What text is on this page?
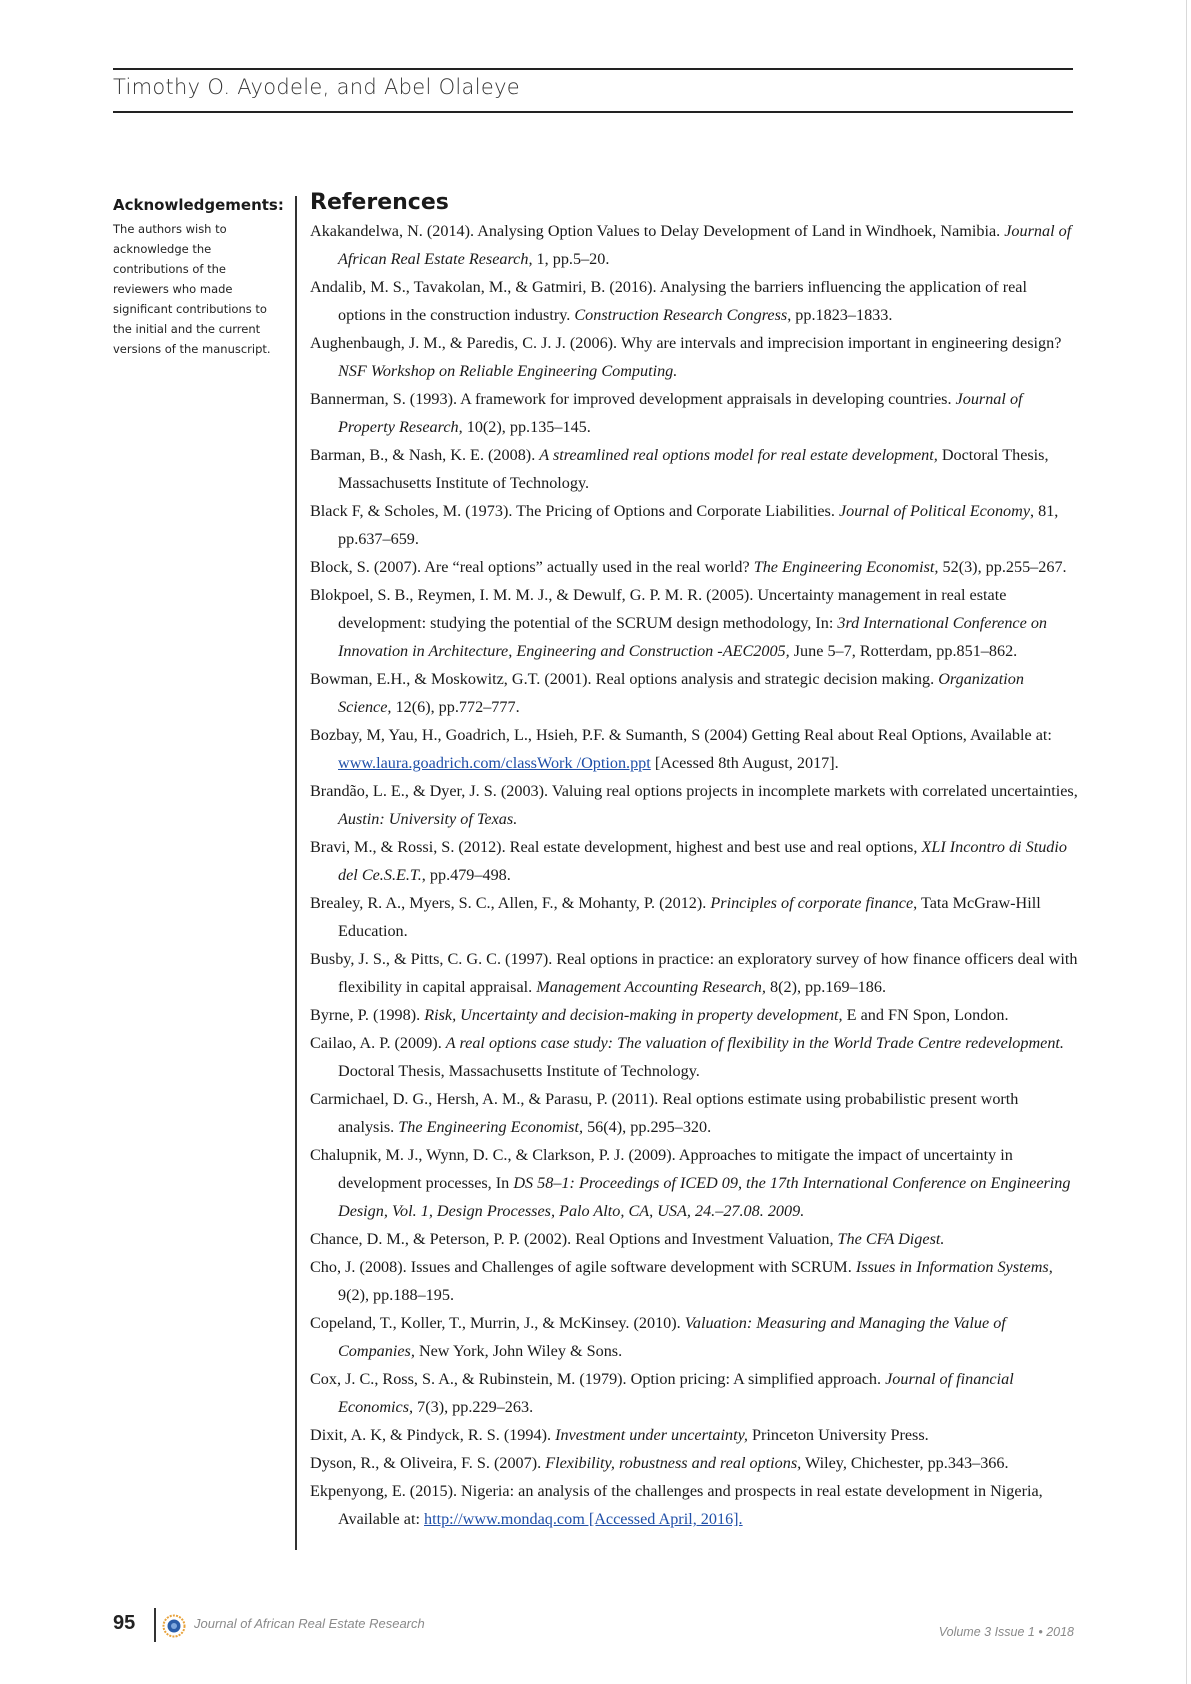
Timothy O. Ayodele, and Abel Olaleye
Acknowledgements:
The authors wish to acknowledge the contributions of the reviewers who made significant contributions to the initial and the current versions of the manuscript.
References
Akakandelwa, N. (2014). Analysing Option Values to Delay Development of Land in Windhoek, Namibia. Journal of African Real Estate Research, 1, pp.5–20.
Andalib, M. S., Tavakolan, M., & Gatmiri, B. (2016). Analysing the barriers influencing the application of real options in the construction industry. Construction Research Congress, pp.1823–1833.
Aughenbaugh, J. M., & Paredis, C. J. J. (2006). Why are intervals and imprecision important in engineering design? NSF Workshop on Reliable Engineering Computing.
Bannerman, S. (1993). A framework for improved development appraisals in developing countries. Journal of Property Research, 10(2), pp.135–145.
Barman, B., & Nash, K. E. (2008). A streamlined real options model for real estate development, Doctoral Thesis, Massachusetts Institute of Technology.
Black F, & Scholes, M. (1973). The Pricing of Options and Corporate Liabilities. Journal of Political Economy, 81, pp.637–659.
Block, S. (2007). Are “real options” actually used in the real world? The Engineering Economist, 52(3), pp.255–267.
Blokpoel, S. B., Reymen, I. M. M. J., & Dewulf, G. P. M. R. (2005). Uncertainty management in real estate development: studying the potential of the SCRUM design methodology, In: 3rd International Conference on Innovation in Architecture, Engineering and Construction -AEC2005, June 5–7, Rotterdam, pp.851–862.
Bowman, E.H., & Moskowitz, G.T. (2001). Real options analysis and strategic decision making. Organization Science, 12(6), pp.772–777.
Bozbay, M, Yau, H., Goadrich, L., Hsieh, P.F. & Sumanth, S (2004) Getting Real about Real Options, Available at: www.laura.goadrich.com/classWork /Option.ppt [Acessed 8th August, 2017].
Brandão, L. E., & Dyer, J. S. (2003). Valuing real options projects in incomplete markets with correlated uncertainties, Austin: University of Texas.
Bravi, M., & Rossi, S. (2012). Real estate development, highest and best use and real options, XLI Incontro di Studio del Ce.S.E.T., pp.479–498.
Brealey, R. A., Myers, S. C., Allen, F., & Mohanty, P. (2012). Principles of corporate finance, Tata McGraw-Hill Education.
Busby, J. S., & Pitts, C. G. C. (1997). Real options in practice: an exploratory survey of how finance officers deal with flexibility in capital appraisal. Management Accounting Research, 8(2), pp.169–186.
Byrne, P. (1998). Risk, Uncertainty and decision-making in property development, E and FN Spon, London.
Cailao, A. P. (2009). A real options case study: The valuation of flexibility in the World Trade Centre redevelopment. Doctoral Thesis, Massachusetts Institute of Technology.
Carmichael, D. G., Hersh, A. M., & Parasu, P. (2011). Real options estimate using probabilistic present worth analysis. The Engineering Economist, 56(4), pp.295–320.
Chalupnik, M. J., Wynn, D. C., & Clarkson, P. J. (2009). Approaches to mitigate the impact of uncertainty in development processes, In DS 58–1: Proceedings of ICED 09, the 17th International Conference on Engineering Design, Vol. 1, Design Processes, Palo Alto, CA, USA, 24.–27.08. 2009.
Chance, D. M., & Peterson, P. P. (2002). Real Options and Investment Valuation, The CFA Digest.
Cho, J. (2008). Issues and Challenges of agile software development with SCRUM. Issues in Information Systems, 9(2), pp.188–195.
Copeland, T., Koller, T., Murrin, J., & McKinsey. (2010). Valuation: Measuring and Managing the Value of Companies, New York, John Wiley & Sons.
Cox, J. C., Ross, S. A., & Rubinstein, M. (1979). Option pricing: A simplified approach. Journal of financial Economics, 7(3), pp.229–263.
Dixit, A. K, & Pindyck, R. S. (1994). Investment under uncertainty, Princeton University Press.
Dyson, R., & Oliveira, F. S. (2007). Flexibility, robustness and real options, Wiley, Chichester, pp.343–366.
Ekpenyong, E. (2015). Nigeria: an analysis of the challenges and prospects in real estate development in Nigeria, Available at: http://www.mondaq.com [Accessed April, 2016].
95	Journal of African Real Estate Research
Volume 3 Issue 1 • 2018
